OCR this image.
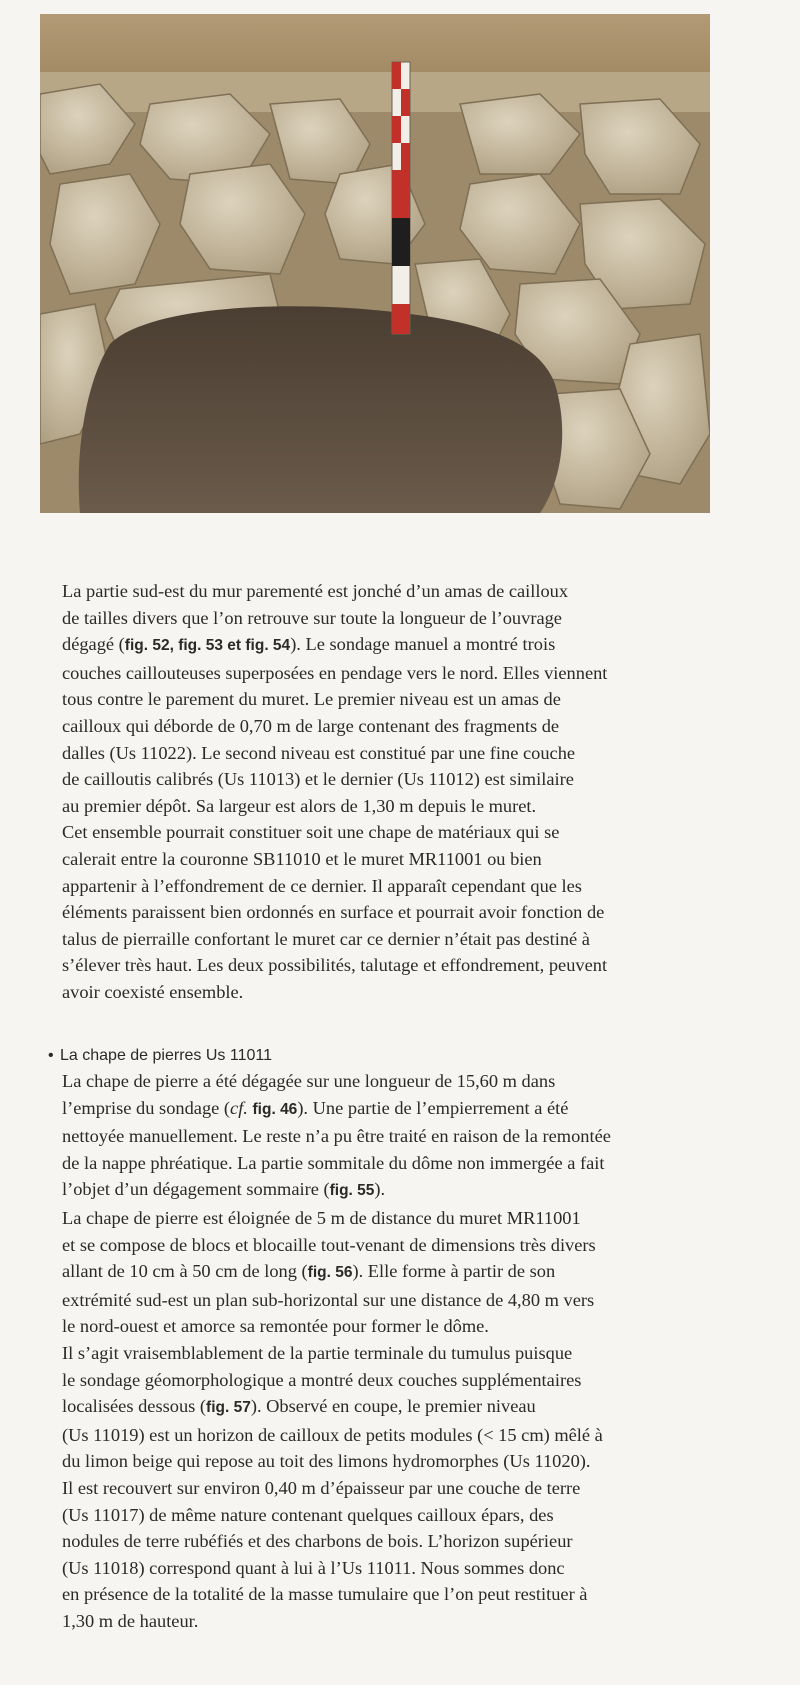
La partie sud-est du mur parementé est jonché d’un amas de cailloux
de tailles divers que l’on retrouve sur toute la longueur de l’ouvrage
dégagé (fig. 52, fig. 53 et fig. 54). Le sondage manuel a montré trois
couches caillouteuses superposées en pendage vers le nord. Elles viennent
tous contre le parement du muret. Le premier niveau est un amas de
cailloux qui déborde de 0,70 m de large contenant des fragments de
dalles (Us 11022). Le second niveau est constitué par une fine couche
de cailloutis calibrés (Us 11013) et le dernier (Us 11012) est similaire
au premier dépôt. Sa largeur est alors de 1,30 m depuis le muret.
Cet ensemble pourrait constituer soit une chape de matériaux qui se
calerait entre la couronne SB11010 et le muret MR11001 ou bien
appartenir à l’effondrement de ce dernier. Il apparaît cependant que les
éléments paraissent bien ordonnés en surface et pourrait avoir fonction de
talus de pierraille confortant le muret car ce dernier n’était pas destiné à
s’élever très haut. Les deux possibilités, talutage et effondrement, peuvent
avoir coexisté ensemble.
• La chape de pierres Us 11011
La chape de pierre a été dégagée sur une longueur de 15,60 m dans
l’emprise du sondage (cf. fig. 46). Une partie de l’empierrement a été
nettoyée manuellement. Le reste n’a pu être traité en raison de la remontée
de la nappe phréatique. La partie sommitale du dôme non immergée a fait
l’objet d’un dégagement sommaire (fig. 55).
La chape de pierre est éloignée de 5 m de distance du muret MR11001
et se compose de blocs et blocaille tout-venant de dimensions très divers
allant de 10 cm à 50 cm de long (fig. 56). Elle forme à partir de son
extrémité sud-est un plan sub-horizontal sur une distance de 4,80 m vers
le nord-ouest et amorce sa remontée pour former le dôme.
Il s’agit vraisemblablement de la partie terminale du tumulus puisque
le sondage géomorphologique a montré deux couches supplémentaires
localisées dessous (fig. 57). Observé en coupe, le premier niveau
(Us 11019) est un horizon de cailloux de petits modules (< 15 cm) mêlé à
du limon beige qui repose au toit des limons hydromorphes (Us 11020).
Il est recouvert sur environ 0,40 m d’épaisseur par une couche de terre
(Us 11017) de même nature contenant quelques cailloux épars, des
nodules de terre rubéfiés et des charbons de bois. L’horizon supérieur
(Us 11018) correspond quant à lui à l’Us 11011. Nous sommes donc
en présence de la totalité de la masse tumulaire que l’on peut restituer à
1,30 m de hauteur.
